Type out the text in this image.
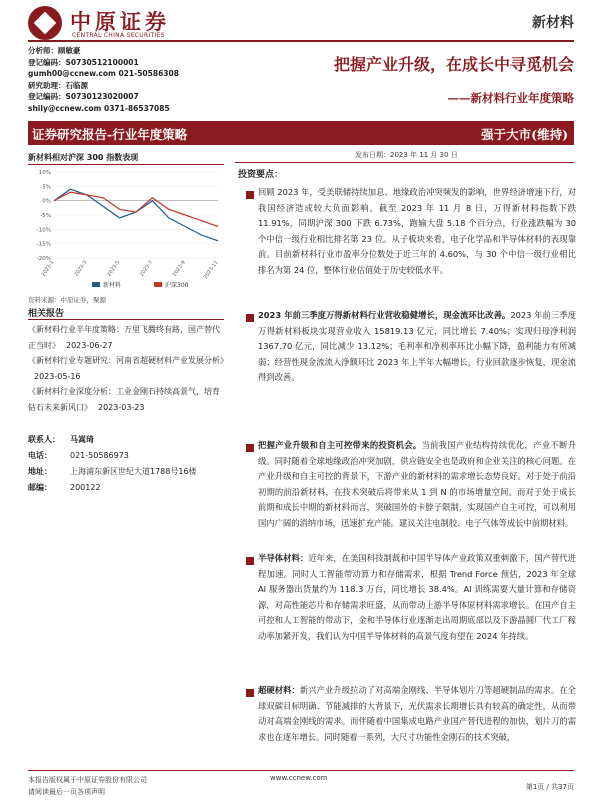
中原证券
CENTRAL CHINA SECURITIES
新材料
分析师：顾敏豪
登记编码：S0730512100001
gumh00@ccnew.com 021-50586308
研究助理：石临源
登记编码：S0730123020007
shily@ccnew.com 0371-86537085
把握产业升级，在成长中寻觅机会
——新材料行业年度策略
证券研究报告-行业年度策略	强于大市(维持)
新材料相对沪深 300 指数表现
10%
5%
0%
-5%
-10%
-15%
-20%
2023-1	2023-3	2023-5	2023-7	2023-9	2023-11
新材料	沪深300
资料来源：中原证券，聚源
相关报告
《新材料行业半年度策略：万里飞腾终有路，国产替代正当时》 2023-06-27
《新材料行业专题研究：河南省超硬材料产业发展分析》2023-05-16
《新材料行业深度分析：工业金刚石持续高景气，培育钻石未来新风口》 2023-03-23
联系人： 马嵩琦
电话： 021-50586973
地址： 上海浦东新区世纪大道1788号16楼
邮编： 200122
发布日期：2023 年 11 月 30 日
投资要点：
回顾 2023 年，受美联储持续加息、地缘政治冲突频发的影响，世界经济增速下行，对我国经济造成较大负面影响。截至 2023 年 11 月 8 日，万得新材料指数下跌 11.91%，同期沪深 300 下跌 6.73%，跑输大盘 5.18 个百分点，行业涨跌幅为 30 个中信一级行业相比排名第 23 位。从子板块来看，电子化学品和半导体材料的表现靠前。目前新材料行业市盈率分位数处于近三年的 4.60%，与 30 个中信一级行业相比排名为第 24 位，整体行业估值处于历史较低水平。
2023 年前三季度万得新材料行业营收稳健增长，现金流环比改善。2023 年前三季度万得新材料板块实现营业收入 15819.13 亿元，同比增长 7.40%；实现归母净利润 1367.70 亿元，同比减少 13.12%；毛利率和净利率环比小幅下降，盈利能力有所减弱；经营性现金流流入净额环比 2023 年上半年大幅增长，行业回款逐步恢复，现金流得到改善。
把握产业升级和自主可控带来的投资机会。当前我国产业结构持续优化，产业不断升级。同时随着全球地缘政治冲突加剧，供应链安全也是政府和企业关注的核心问题。在产业升级和自主可控的背景下，下游产业的新材料的需求增长态势良好。对于处于前沿初期的前沿新材料，在技术突破后将带来从 1 到 N 的市场增量空间。而对于处于成长前期和成长中期的新材料而言，突破国外的卡脖子限制，实现国产自主可控，可以利用国内广阔的消纳市场，迅速扩充产能。建议关注电制胶、电子气体等成长中前期材料。
半导体材料：近年来，在美国科技制裁和中国半导体产业政策双重刺激下，国产替代进程加速。同时人工智能带动算力和存储需求，根据 Trend Force 预估，2023 年全球 AI 服务器出货量约为 118.3 万台，同比增长 38.4%。AI 训练需要大量计算和存储资源，对高性能芯片和存储需求旺盛，从而带动上游半导体原材料需求增长。在国产自主可控和人工智能的带动下，金和半导体行业逐渐走出周期底部以及下游晶圆厂代工厂稼动率加紧开发，我们认为中国半导体材料的高景气度有望在 2024 年持续。
超硬材料：新兴产业升级拉动了对高端金刚线、半导体划片刀等超硬制品的需求。在全球双碳目标明确、节能减排的大背景下，光伏需求长期增长具有较高的确定性，从而带动对高端金刚线的需求。而伴随着中国集成电路产业国产替代进程的加快，划片刀的需求也在逐年增长。同时随着一系列，大尺寸功能性金刚石的技术突破，
本报告版权属于中原证券股份有限公司
请阅读最后一页各项声明
www.ccnew.com
第1页 / 共37页
